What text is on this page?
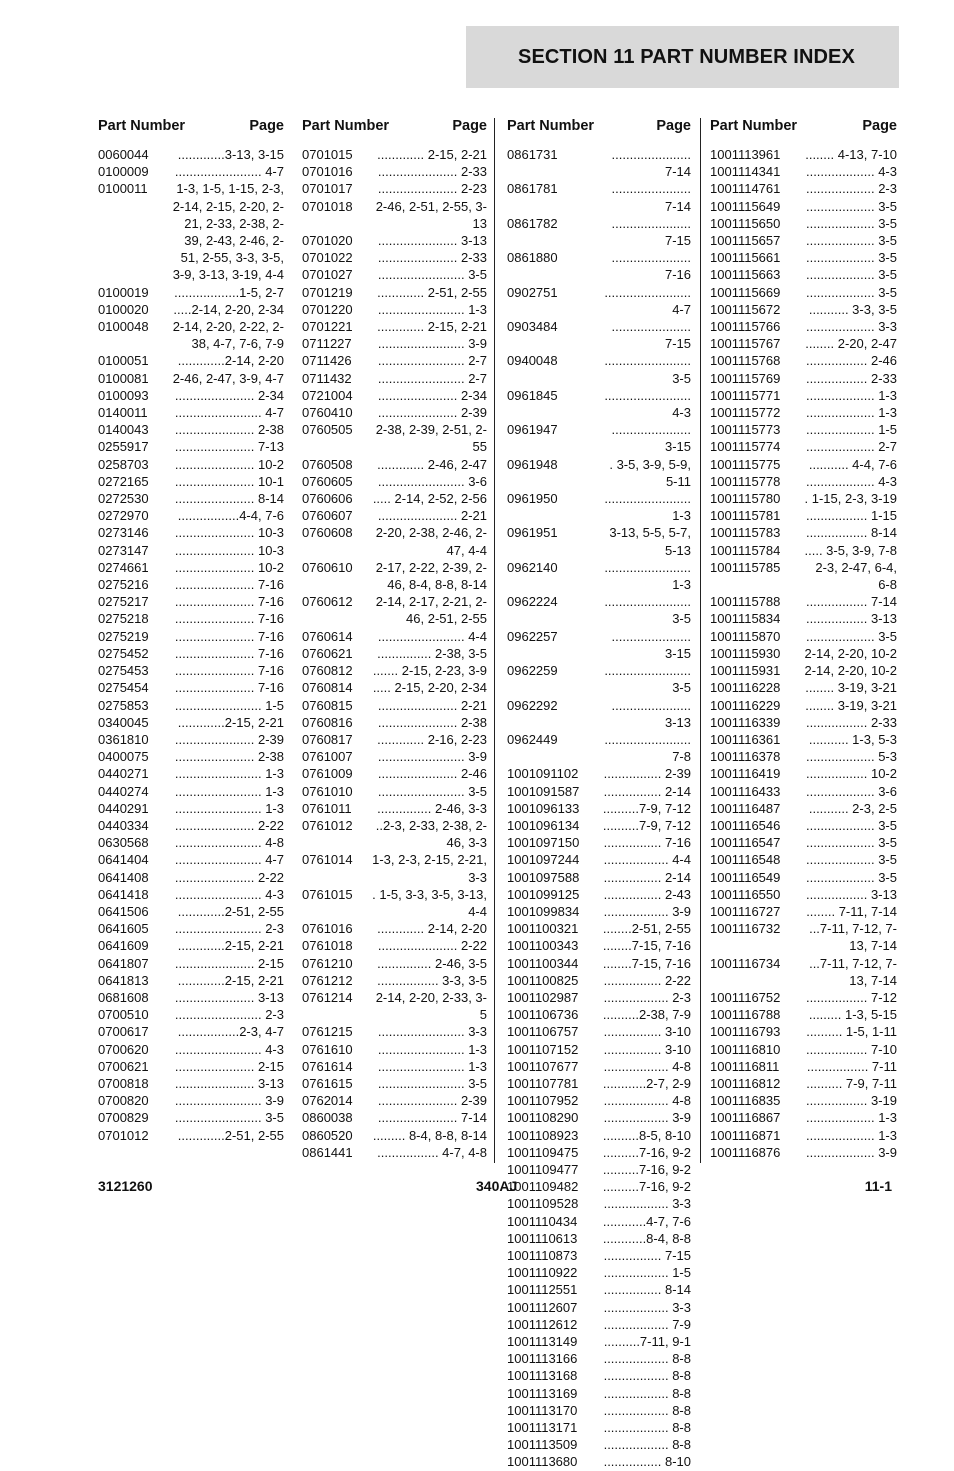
SECTION 11 PART NUMBER INDEX
Part Number	Page
0060044	.............3-13, 3-15
0100009	........................ 4-7
0100011	1-3, 1-5, 1-15, 2-3, 2-14, 2-15, 2-20, 2-21, 2-33, 2-38, 2-39, 2-43, 2-46, 2-51, 2-55, 3-3, 3-5, 3-9, 3-13, 3-19, 4-4
0100019	..................1-5, 2-7
0100020	.....2-14, 2-20, 2-34
0100048	2-14, 2-20, 2-22, 2-38, 4-7, 7-6, 7-9
0100051	.............2-14, 2-20
0100081	2-46, 2-47, 3-9, 4-7
0100093	...................... 2-34
0140011	........................ 4-7
0140043	...................... 2-38
0255917	...................... 7-13
0258703	...................... 10-2
0272165	...................... 10-1
0272530	...................... 8-14
0272970	.................4-4, 7-6
0273146	...................... 10-3
0273147	...................... 10-3
0274661	...................... 10-2
0275216	...................... 7-16
0275217	...................... 7-16
0275218	...................... 7-16
0275219	...................... 7-16
0275452	...................... 7-16
0275453	...................... 7-16
0275454	...................... 7-16
0275853	........................ 1-5
0340045	.............2-15, 2-21
0361810	...................... 2-39
0400075	...................... 2-38
0440271	........................ 1-3
0440274	........................ 1-3
0440291	........................ 1-3
0440334	...................... 2-22
0630568	........................ 4-8
0641404	........................ 4-7
0641408	...................... 2-22
0641418	........................ 4-3
0641506	.............2-51, 2-55
0641605	........................ 2-3
0641609	.............2-15, 2-21
0641807	...................... 2-15
0641813	.............2-15, 2-21
0681608	...................... 3-13
0700510	........................ 2-3
0700617	.................2-3, 4-7
0700620	........................ 4-3
0700621	...................... 2-15
0700818	...................... 3-13
0700820	........................ 3-9
0700829	........................ 3-5
0701012	.............2-51, 2-55
Part Number	Page
0701015	............. 2-15, 2-21
0701016	...................... 2-33
0701017	...................... 2-23
0701018	2-46, 2-51, 2-55, 3-13
0701020	...................... 3-13
0701022	...................... 2-33
0701027	........................ 3-5
0701219	............. 2-51, 2-55
0701220	........................ 1-3
0701221	............. 2-15, 2-21
0711227	........................ 3-9
0711426	........................ 2-7
0711432	........................ 2-7
0721004	...................... 2-34
0760410	...................... 2-39
0760505	2-38, 2-39, 2-51, 2-55
0760508	............. 2-46, 2-47
0760605	........................ 3-6
0760606	..... 2-14, 2-52, 2-56
0760607	...................... 2-21
0760608	2-20, 2-38, 2-46, 2-47, 4-4
0760610	2-17, 2-22, 2-39, 2-46, 8-4, 8-8, 8-14
0760612	2-14, 2-17, 2-21, 2-46, 2-51, 2-55
0760614	........................ 4-4
0760621	............... 2-38, 3-5
0760812	....... 2-15, 2-23, 3-9
0760814	..... 2-15, 2-20, 2-34
0760815	...................... 2-21
0760816	...................... 2-38
0760817	............. 2-16, 2-23
0761007	........................ 3-9
0761009	...................... 2-46
0761010	........................ 3-5
0761011	............... 2-46, 3-3
0761012	..2-3, 2-33, 2-38, 2-46, 3-3
0761014	1-3, 2-3, 2-15, 2-21, 3-3
0761015	. 1-5, 3-3, 3-5, 3-13, 4-4
0761016	............. 2-14, 2-20
0761018	...................... 2-22
0761210	............... 2-46, 3-5
0761212	................. 3-3, 3-5
0761214	2-14, 2-20, 2-33, 3-5
0761215	........................ 3-3
0761610	........................ 1-3
0761614	........................ 1-3
0761615	........................ 3-5
0762014	...................... 2-39
0860038	...................... 7-14
0860520	......... 8-4, 8-8, 8-14
0861441	................. 4-7, 4-8
Part Number	Page
0861731	...................... 7-14
0861781	...................... 7-14
0861782	...................... 7-15
0861880	...................... 7-16
0902751	........................ 4-7
0903484	...................... 7-15
0940048	........................ 3-5
0961845	........................ 4-3
0961947	...................... 3-15
0961948	. 3-5, 3-9, 5-9, 5-11
0961950	........................ 1-3
0961951	3-13, 5-5, 5-7, 5-13
0962140	........................ 1-3
0962224	........................ 3-5
0962257	...................... 3-15
0962259	........................ 3-5
0962292	...................... 3-13
0962449	........................ 7-8
1001091102	................ 2-39
1001091587	................ 2-14
1001096133	..........7-9, 7-12
1001096134	..........7-9, 7-12
1001097150	................ 7-16
1001097244	.................. 4-4
1001097588	................ 2-14
1001099125	................ 2-43
1001099834	.................. 3-9
1001100321	........2-51, 2-55
1001100343	........7-15, 7-16
1001100344	........7-15, 7-16
1001100825	................ 2-22
1001102987	.................. 2-3
1001106736	..........2-38, 7-9
1001106757	................ 3-10
1001107152	................ 3-10
1001107677	.................. 4-8
1001107781	............2-7, 2-9
1001107952	.................. 4-8
1001108290	.................. 3-9
1001108923	..........8-5, 8-10
1001109475	..........7-16, 9-2
1001109477	..........7-16, 9-2
1001109482	..........7-16, 9-2
1001109528	.................. 3-3
1001110434	............4-7, 7-6
1001110613	............8-4, 8-8
1001110873	................ 7-15
1001110922	.................. 1-5
1001112551	................ 8-14
1001112607	.................. 3-3
1001112612	.................. 7-9
1001113149	..........7-11, 9-1
1001113166	.................. 8-8
1001113168	.................. 8-8
1001113169	.................. 8-8
1001113170	.................. 8-8
1001113171	.................. 8-8
1001113509	.................. 8-8
1001113680	................ 8-10
Part Number	Page
1001113961	........ 4-13, 7-10
1001114341	................... 4-3
1001114761	................... 2-3
1001115649	................... 3-5
1001115650	................... 3-5
1001115657	................... 3-5
1001115661	................... 3-5
1001115663	................... 3-5
1001115669	................... 3-5
1001115672	........... 3-3, 3-5
1001115766	................... 3-3
1001115767	........ 2-20, 2-47
1001115768	................. 2-46
1001115769	................. 2-33
1001115771	................... 1-3
1001115772	................... 1-3
1001115773	................... 1-5
1001115774	................... 2-7
1001115775	........... 4-4, 7-6
1001115778	................... 4-3
1001115780	. 1-15, 2-3, 3-19
1001115781	................. 1-15
1001115783	................. 8-14
1001115784	..... 3-5, 3-9, 7-8
1001115785	2-3, 2-47, 6-4, 6-8
1001115788	................. 7-14
1001115834	................. 3-13
1001115870	................... 3-5
1001115930	2-14, 2-20, 10-2
1001115931	2-14, 2-20, 10-2
1001116228	........ 3-19, 3-21
1001116229	........ 3-19, 3-21
1001116339	................. 2-33
1001116361	........... 1-3, 5-3
1001116378	................... 5-3
1001116419	................. 10-2
1001116433	................... 3-6
1001116487	........... 2-3, 2-5
1001116546	................... 3-5
1001116547	................... 3-5
1001116548	................... 3-5
1001116549	................... 3-5
1001116550	................. 3-13
1001116727	........ 7-11, 7-14
1001116732	...7-11, 7-12, 7-13, 7-14
1001116734	...7-11, 7-12, 7-13, 7-14
1001116752	................. 7-12
1001116788	......... 1-3, 5-15
1001116793	.......... 1-5, 1-11
1001116810	................. 7-10
1001116811	................. 7-11
1001116812	.......... 7-9, 7-11
1001116835	................. 3-19
1001116867	................... 1-3
1001116871	................... 1-3
1001116876	................... 3-9
3121260	340AJ	11-1
